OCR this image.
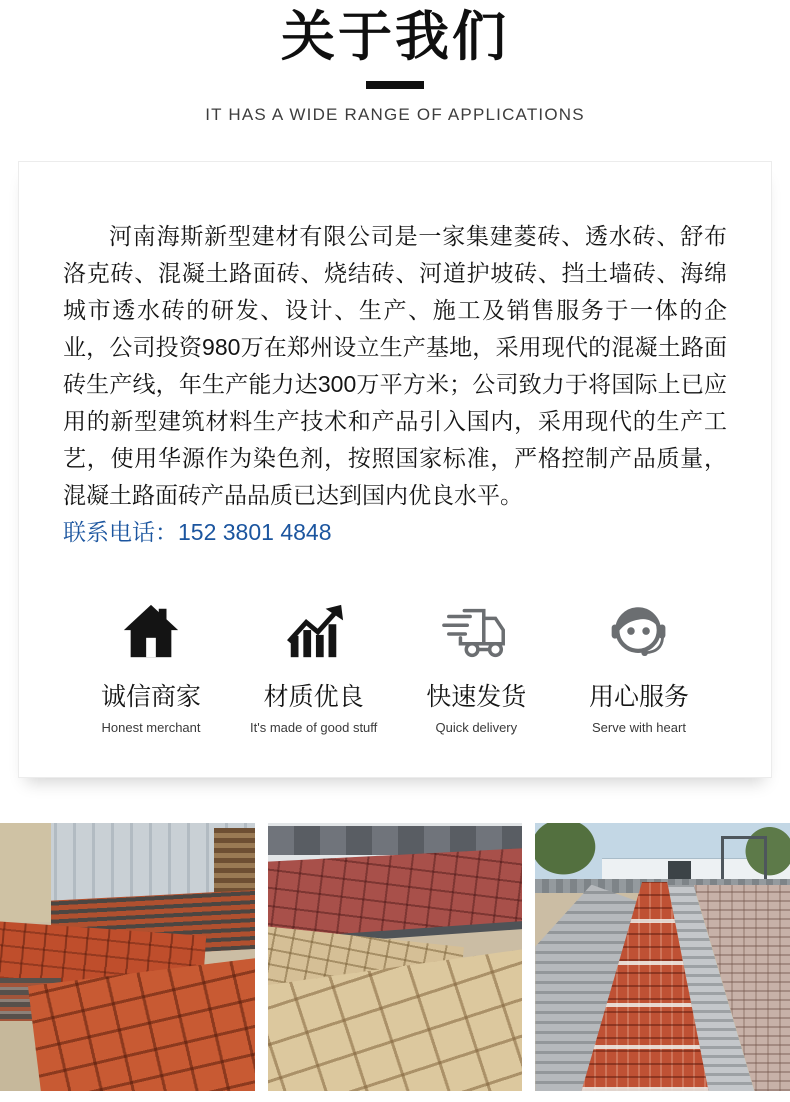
关于我们
IT HAS A WIDE RANGE OF APPLICATIONS

河南海斯新型建材有限公司是一家集建菱砖、透水砖、舒布洛克砖、混凝土路面砖、烧结砖、河道护坡砖、挡土墙砖、海绵城市透水砖的研发、设计、生产、施工及销售服务于一体的企业，公司投资980万在郑州设立生产基地，采用现代的混凝土路面砖生产线，年生产能力达300万平方米；公司致力于将国际上已应用的新型建筑材料生产技术和产品引入国内，采用现代的生产工艺，使用华源作为染色剂，按照国家标准，严格控制产品质量，混凝土路面砖产品品质已达到国内优良水平。

联系电话：152 3801 4848

诚信商家
Honest merchant
材质优良
It's made of good stuff
快速发货
Quick delivery
用心服务
Serve with heart
